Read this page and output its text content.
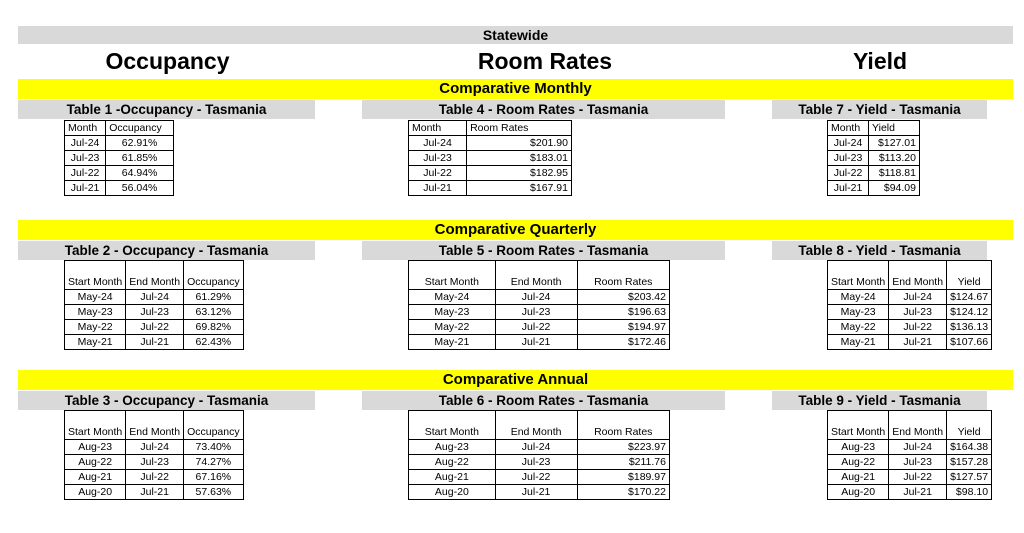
Statewide
Occupancy	Room Rates	Yield
Comparative Monthly
Table 1 -Occupancy - Tasmania
Month	Occupancy
Jul-24	62.91%
Jul-23	61.85%
Jul-22	64.94%
Jul-21	56.04%
Table 4 - Room Rates - Tasmania
Month	Room Rates
Jul-24	$201.90
Jul-23	$183.01
Jul-22	$182.95
Jul-21	$167.91
Table 7 - Yield - Tasmania
Month	Yield
Jul-24	$127.01
Jul-23	$113.20
Jul-22	$118.81
Jul-21	$94.09
Comparative Quarterly
Table 2 - Occupancy - Tasmania
Start Month	End Month	Occupancy
May-24	Jul-24	61.29%
May-23	Jul-23	63.12%
May-22	Jul-22	69.82%
May-21	Jul-21	62.43%
Table 5 - Room Rates - Tasmania
Start Month	End Month	Room Rates
May-24	Jul-24	$203.42
May-23	Jul-23	$196.63
May-22	Jul-22	$194.97
May-21	Jul-21	$172.46
Table 8 - Yield - Tasmania
Start Month	End Month	Yield
May-24	Jul-24	$124.67
May-23	Jul-23	$124.12
May-22	Jul-22	$136.13
May-21	Jul-21	$107.66
Comparative Annual
Table 3 - Occupancy - Tasmania
Start Month	End Month	Occupancy
Aug-23	Jul-24	73.40%
Aug-22	Jul-23	74.27%
Aug-21	Jul-22	67.16%
Aug-20	Jul-21	57.63%
Table 6 - Room Rates - Tasmania
Start Month	End Month	Room Rates
Aug-23	Jul-24	$223.97
Aug-22	Jul-23	$211.76
Aug-21	Jul-22	$189.97
Aug-20	Jul-21	$170.22
Table 9 - Yield - Tasmania
Start Month	End Month	Yield
Aug-23	Jul-24	$164.38
Aug-22	Jul-23	$157.28
Aug-21	Jul-22	$127.57
Aug-20	Jul-21	$98.10
